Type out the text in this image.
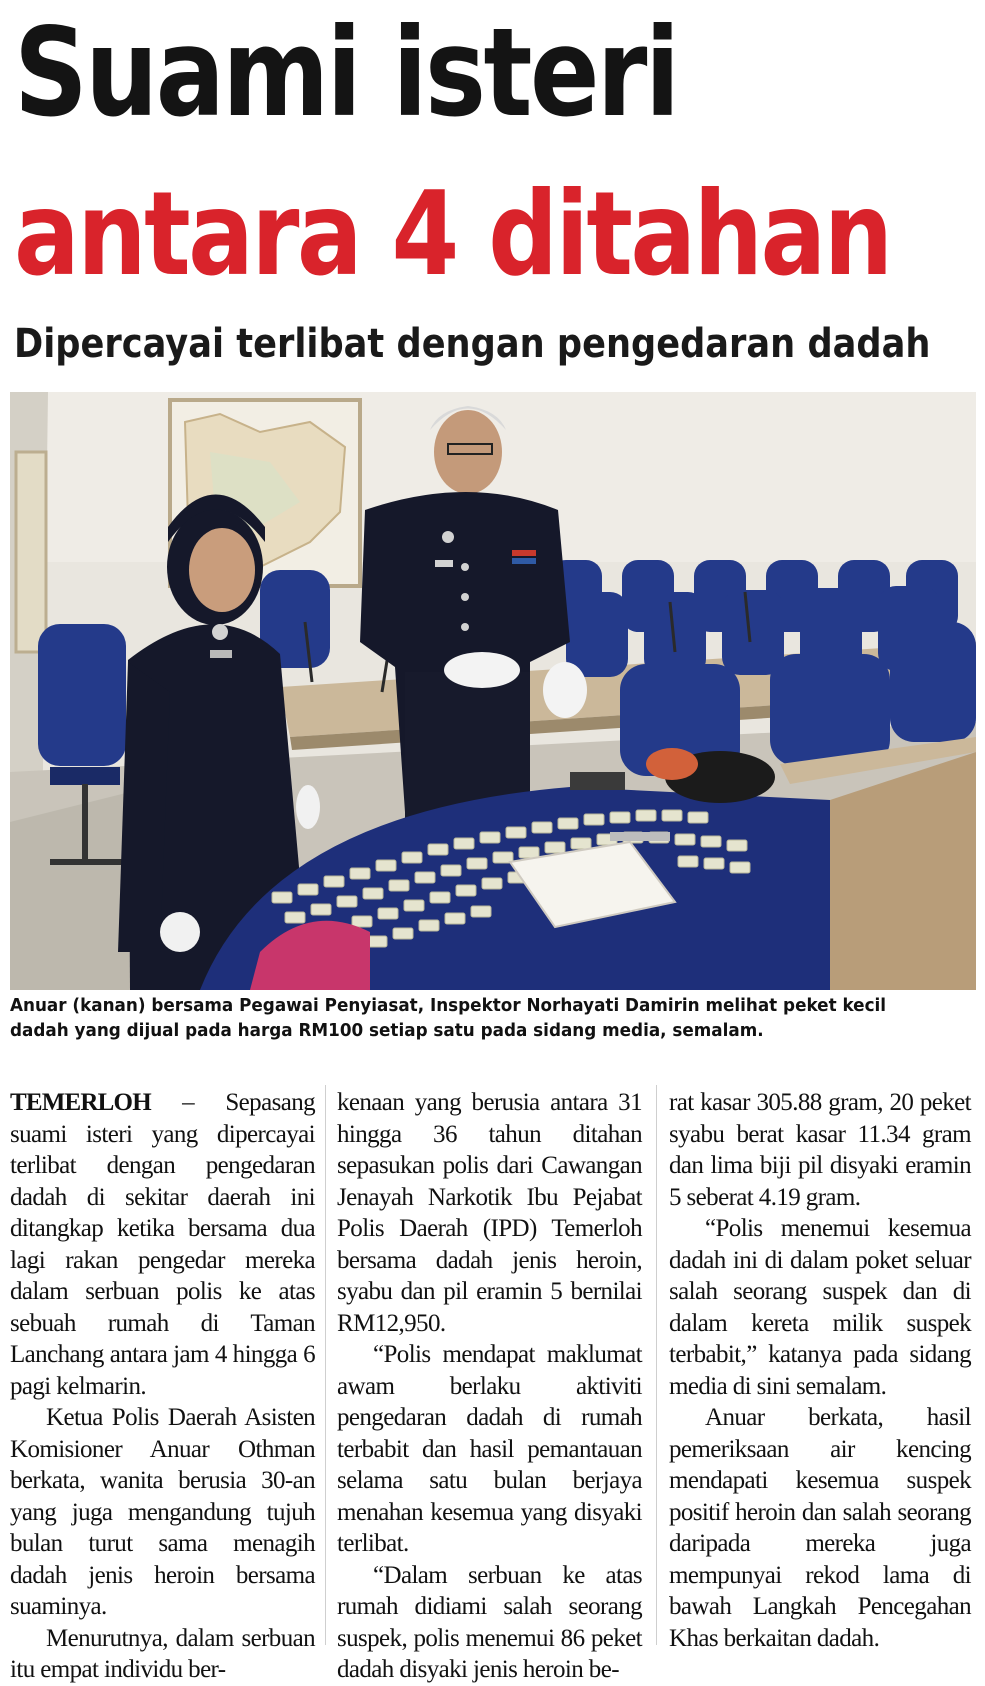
Suami isteri
antara 4 ditahan
Dipercayai terlibat dengan pengedaran dadah

Anuar (kanan) bersama Pegawai Penyiasat, Inspektor Norhayati Damirin melihat peket kecil dadah yang dijual pada harga RM100 setiap satu pada sidang media, semalam.

TEMERLOH – Sepasang suami isteri yang dipercayai terlibat dengan pengedaran dadah di sekitar daerah ini ditangkap ketika bersama dua lagi rakan pengedar mereka dalam serbuan polis ke atas sebuah rumah di Taman Lanchang antara jam 4 hingga 6 pagi kelmarin.

Ketua Polis Daerah Asisten Komisioner Anuar Othman berkata, wanita berusia 30-an yang juga mengandung tujuh bulan turut sama menagih dadah jenis heroin bersama suaminya.

Menurutnya, dalam serbuan itu empat individu ber-

kenaan yang berusia antara 31 hingga 36 tahun ditahan sepasukan polis dari Cawangan Jenayah Narkotik Ibu Pejabat Polis Daerah (IPD) Temerloh bersama dadah jenis heroin, syabu dan pil eramin 5 bernilai RM12,950.

“Polis mendapat maklumat awam berlaku aktiviti pengedaran dadah di rumah terbabit dan hasil pemantauan selama satu bulan berjaya menahan kesemua yang disyaki terlibat.

“Dalam serbuan ke atas rumah didiami salah seorang suspek, polis menemui 86 peket dadah disyaki jenis heroin be-

rat kasar 305.88 gram, 20 peket syabu berat kasar 11.34 gram dan lima biji pil disyaki eramin 5 seberat 4.19 gram.

“Polis menemui kesemua dadah ini di dalam poket seluar salah seorang suspek dan di dalam kereta milik suspek terbabit,” katanya pada sidang media di sini semalam.

Anuar berkata, hasil pemeriksaan air kencing mendapati kesemua suspek positif heroin dan salah seorang daripada mereka juga mempunyai rekod lama di bawah Langkah Pencegahan Khas berkaitan dadah.
